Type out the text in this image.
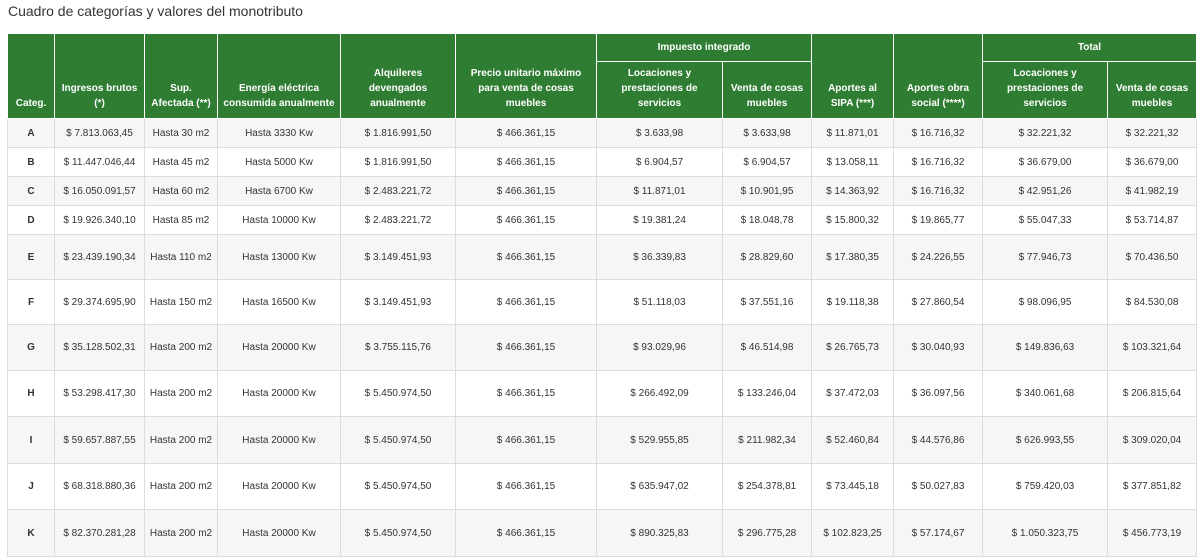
Cuadro de categorías y valores del monotributo
Categ.	Ingresos brutos (*)	Sup. Afectada (**)	Energía eléctrica consumida anualmente	Alquileres devengados anualmente	Precio unitario máximo para venta de cosas muebles	Impuesto integrado		Aportes al SIPA (***)	Aportes obra social (****)	Total	
						Locaciones y prestaciones de servicios	Venta de cosas muebles			Locaciones y prestaciones de servicios	Venta de cosas muebles
A	$ 7.813.063,45	Hasta 30 m2	Hasta 3330 Kw	$ 1.816.991,50	$ 466.361,15	$ 3.633,98	$ 3.633,98	$ 11.871,01	$ 16.716,32	$ 32.221,32	$ 32.221,32
B	$ 11.447.046,44	Hasta 45 m2	Hasta 5000 Kw	$ 1.816.991,50	$ 466.361,15	$ 6.904,57	$ 6.904,57	$ 13.058,11	$ 16.716,32	$ 36.679,00	$ 36.679,00
C	$ 16.050.091,57	Hasta 60 m2	Hasta 6700 Kw	$ 2.483.221,72	$ 466.361,15	$ 11.871,01	$ 10.901,95	$ 14.363,92	$ 16.716,32	$ 42.951,26	$ 41.982,19
D	$ 19.926.340,10	Hasta 85 m2	Hasta 10000 Kw	$ 2.483.221,72	$ 466.361,15	$ 19.381,24	$ 18.048,78	$ 15.800,32	$ 19.865,77	$ 55.047,33	$ 53.714,87
E	$ 23.439.190,34	Hasta 110 m2	Hasta 13000 Kw	$ 3.149.451,93	$ 466.361,15	$ 36.339,83	$ 28.829,60	$ 17.380,35	$ 24.226,55	$ 77.946,73	$ 70.436,50
F	$ 29.374.695,90	Hasta 150 m2	Hasta 16500 Kw	$ 3.149.451,93	$ 466.361,15	$ 51.118,03	$ 37.551,16	$ 19.118,38	$ 27.860,54	$ 98.096,95	$ 84.530,08
G	$ 35.128.502,31	Hasta 200 m2	Hasta 20000 Kw	$ 3.755.115,76	$ 466.361,15	$ 93.029,96	$ 46.514,98	$ 26.765,73	$ 30.040,93	$ 149.836,63	$ 103.321,64
H	$ 53.298.417,30	Hasta 200 m2	Hasta 20000 Kw	$ 5.450.974,50	$ 466.361,15	$ 266.492,09	$ 133.246,04	$ 37.472,03	$ 36.097,56	$ 340.061,68	$ 206.815,64
I	$ 59.657.887,55	Hasta 200 m2	Hasta 20000 Kw	$ 5.450.974,50	$ 466.361,15	$ 529.955,85	$ 211.982,34	$ 52.460,84	$ 44.576,86	$ 626.993,55	$ 309.020,04
J	$ 68.318.880,36	Hasta 200 m2	Hasta 20000 Kw	$ 5.450.974,50	$ 466.361,15	$ 635.947,02	$ 254.378,81	$ 73.445,18	$ 50.027,83	$ 759.420,03	$ 377.851,82
K	$ 82.370.281,28	Hasta 200 m2	Hasta 20000 Kw	$ 5.450.974,50	$ 466.361,15	$ 890.325,83	$ 296.775,28	$ 102.823,25	$ 57.174,67	$ 1.050.323,75	$ 456.773,19
